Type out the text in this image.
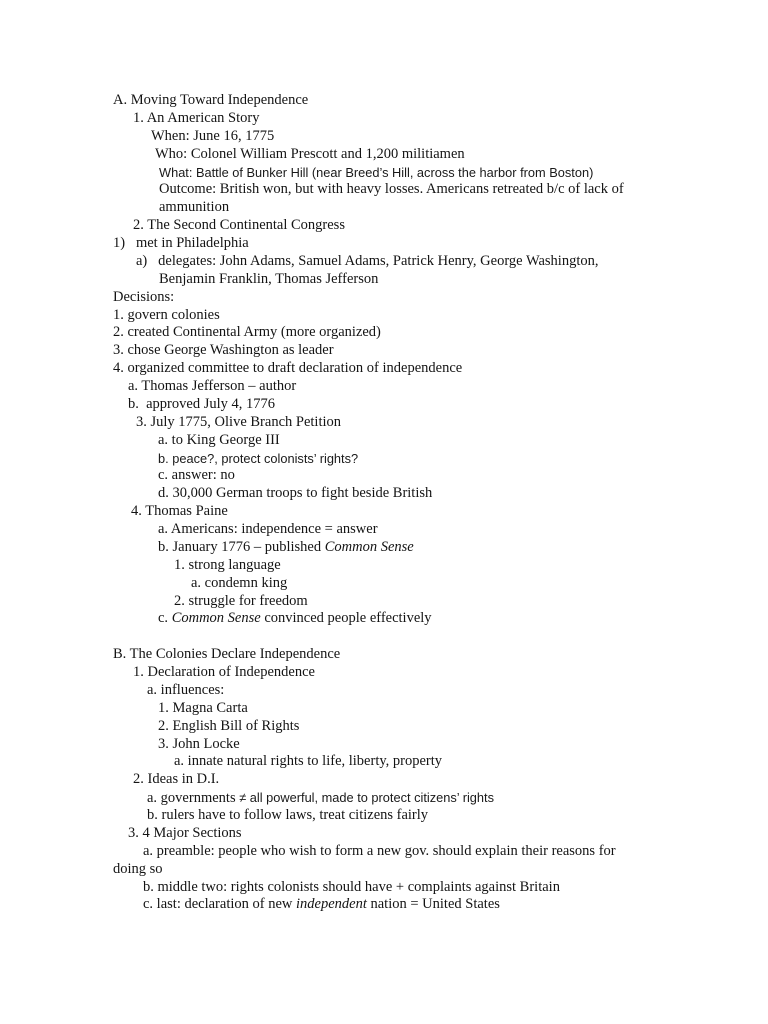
A. Moving Toward Independence
1. An American Story
When: June 16, 1775
Who: Colonel William Prescott and 1,200 militiamen
What: Battle of Bunker Hill (near Breed’s Hill, across the harbor from Boston)
Outcome: British won, but with heavy losses. Americans retreated b/c of lack of
ammunition
2. The Second Continental Congress
1)   met in Philadelphia
a)   delegates: John Adams, Samuel Adams, Patrick Henry, George Washington,
Benjamin Franklin, Thomas Jefferson
Decisions:
1. govern colonies
2. created Continental Army (more organized)
3. chose George Washington as leader
4. organized committee to draft declaration of independence
a. Thomas Jefferson – author
b.  approved July 4, 1776
3. July 1775, Olive Branch Petition
a. to King George III
b. peace?, protect colonists’ rights?
c. answer: no
d. 30,000 German troops to fight beside British
4. Thomas Paine
a. Americans: independence = answer
b. January 1776 – published Common Sense
1. strong language
a. condemn king
2. struggle for freedom
c. Common Sense convinced people effectively
B. The Colonies Declare Independence
1. Declaration of Independence
a. influences:
1. Magna Carta
2. English Bill of Rights
3. John Locke
a. innate natural rights to life, liberty, property
2. Ideas in D.I.
a. governments ≠ all powerful, made to protect citizens’ rights
b. rulers have to follow laws, treat citizens fairly
3. 4 Major Sections
a. preamble: people who wish to form a new gov. should explain their reasons for
doing so
b. middle two: rights colonists should have + complaints against Britain
c. last: declaration of new independent nation = United States
